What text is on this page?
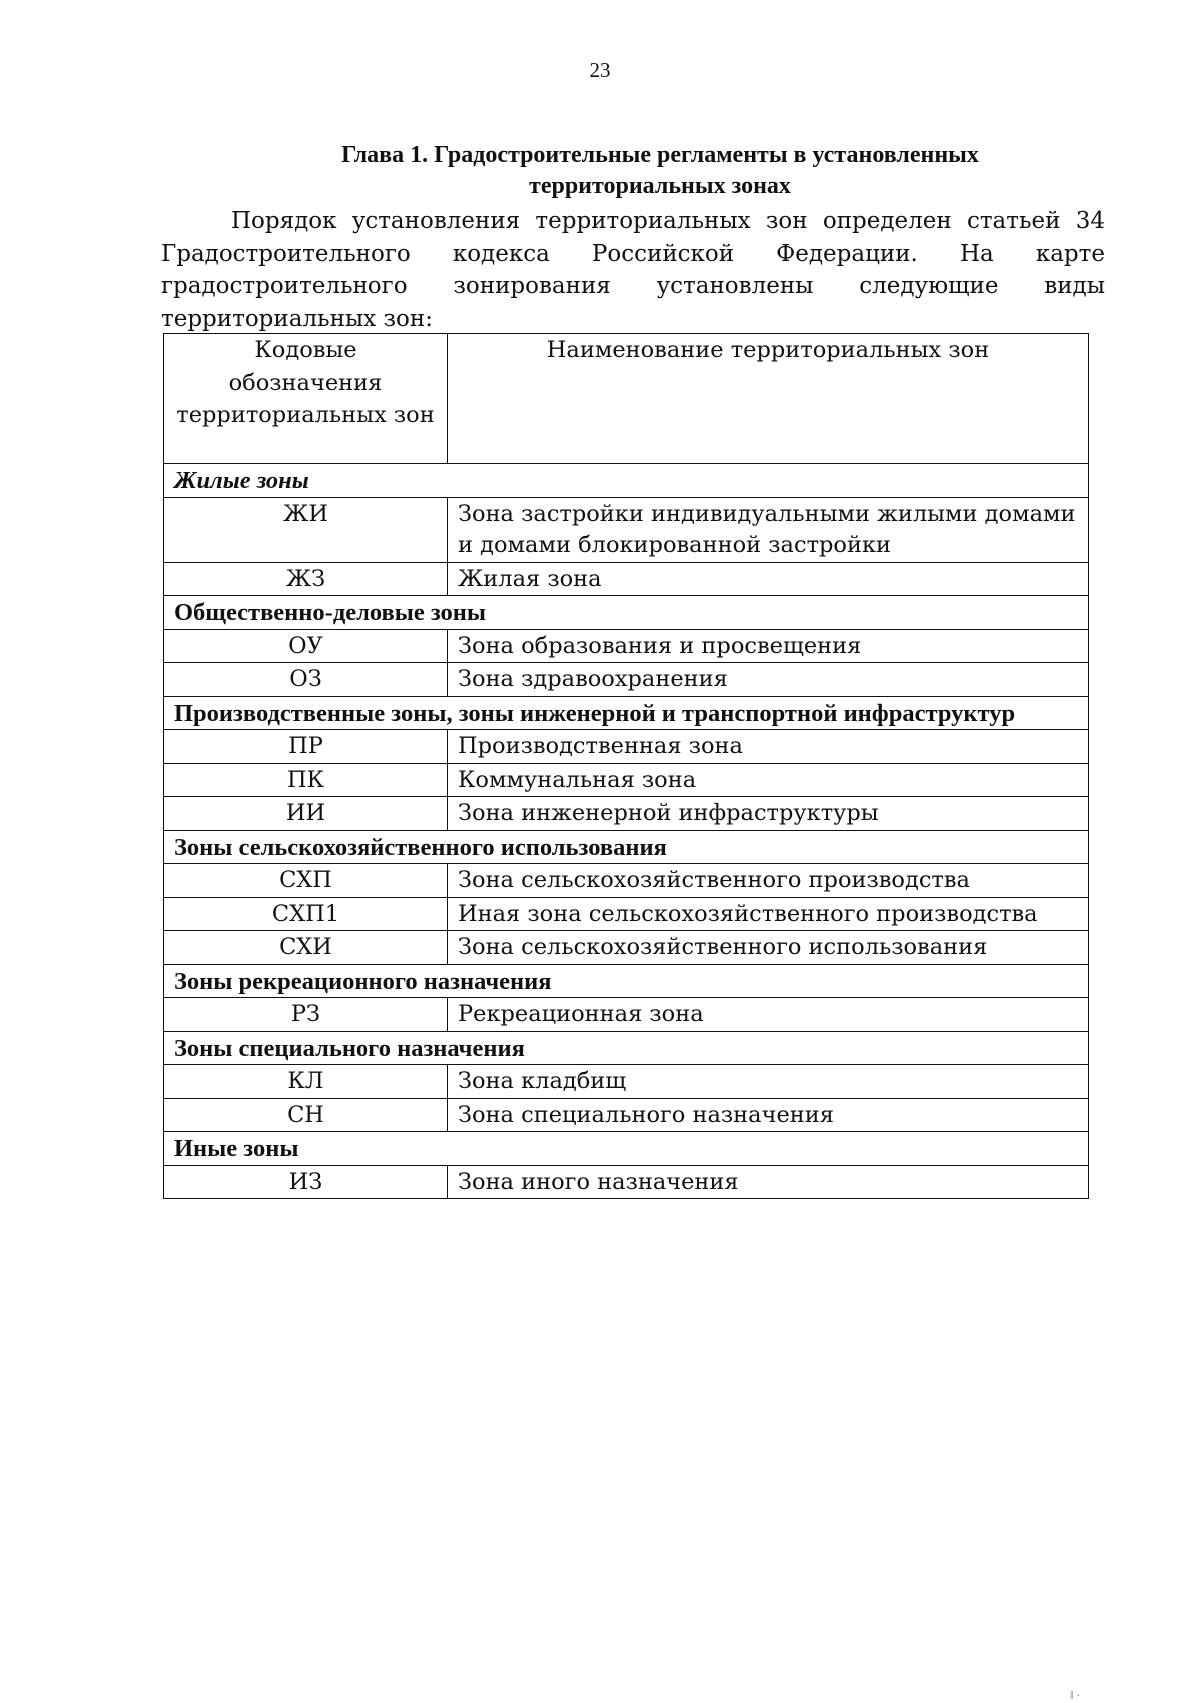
23
Глава 1. Градостроительные регламенты в установленных
территориальных зонах

Порядок установления территориальных зон определен статьей 34 Градостроительного кодекса Российской Федерации. На карте градостроительного зонирования установлены следующие виды территориальных зон:

Кодовые обозначения территориальных зон	Наименование территориальных зон
Жилые зоны	
ЖИ	Зона застройки индивидуальными жилыми домами и домами блокированной застройки
ЖЗ	Жилая зона
Общественно-деловые зоны	
ОУ	Зона образования и просвещения
ОЗ	Зона здравоохранения
Производственные зоны, зоны инженерной и транспортной инфраструктур	
ПР	Производственная зона
ПК	Коммунальная зона
ИИ	Зона инженерной инфраструктуры
Зоны сельскохозяйственного использования	
СХП	Зона сельскохозяйственного производства
СХП1	Иная зона сельскохозяйственного производства
СХИ	Зона сельскохозяйственного использования
Зоны рекреационного назначения	
РЗ	Рекреационная зона
Зоны специального назначения	
КЛ	Зона кладбищ
СН	Зона специального назначения
Иные зоны	
ИЗ	Зона иного назначения
ǁ ·
